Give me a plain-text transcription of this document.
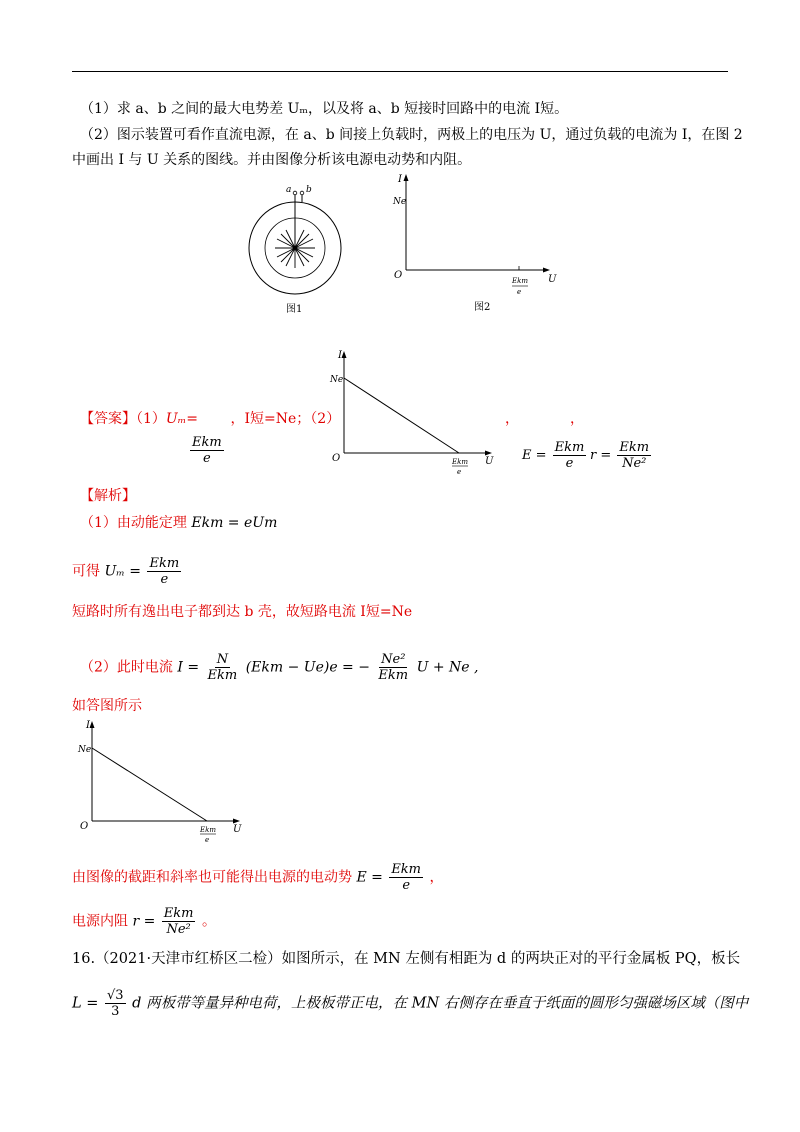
（1）求 a、b 之间的最大电势差 Uₘ，以及将 a、b 短接时回路中的电流 I短。
（2）图示装置可看作直流电源，在 a、b 间接上负载时，两极上的电压为 U，通过负载的电流为 I，在图 2
中画出 I 与 U 关系的图线。并由图像分析该电源电动势和内阻。
a b
图1
I
Ne
O	U
Ekm
e
图2
【答案】（1）Uₘ= ，I短=Ne；（2）	，	，
$\frac{\text{Ekm}}{e}$
I
Ne
O	U
Ekm
e
$E = \frac{\text{Ekm}}{e}$ $r = \frac{\text{Ekm}}{\text{Ne²}}$
【解析】
（1）由动能定理 Ekm = eUm
可得 $U_m = \frac{\text{Ekm}}{e}$
短路时所有逸出电子都到达 b 壳，故短路电流 I短=Ne
（2）此时电流 $I = \frac{N}{\text{Ekm}} (Ekm - Ue)e$ = − $\frac{\text{Ne²}}{\text{Ekm}}$ U + Ne ,
如答图所示
I
Ne
O	U
Ekm
e
由图像的截距和斜率也可能得出电源的电动势 $E = \frac{\text{Ekm}}{e}$ ，
电源内阻 $r = \frac{\text{Ekm}}{\text{Ne²}}$ 。
16.（2021·天津市红桥区二检）如图所示，在 MN 左侧有相距为 d 的两块正对的平行金属板 PQ，板长
$L = \frac{√3}{3}$ d 两板带等量异种电荷，上极板带正电，在 MN 右侧存在垂直于纸面的圆形匀强磁场区域（图中
